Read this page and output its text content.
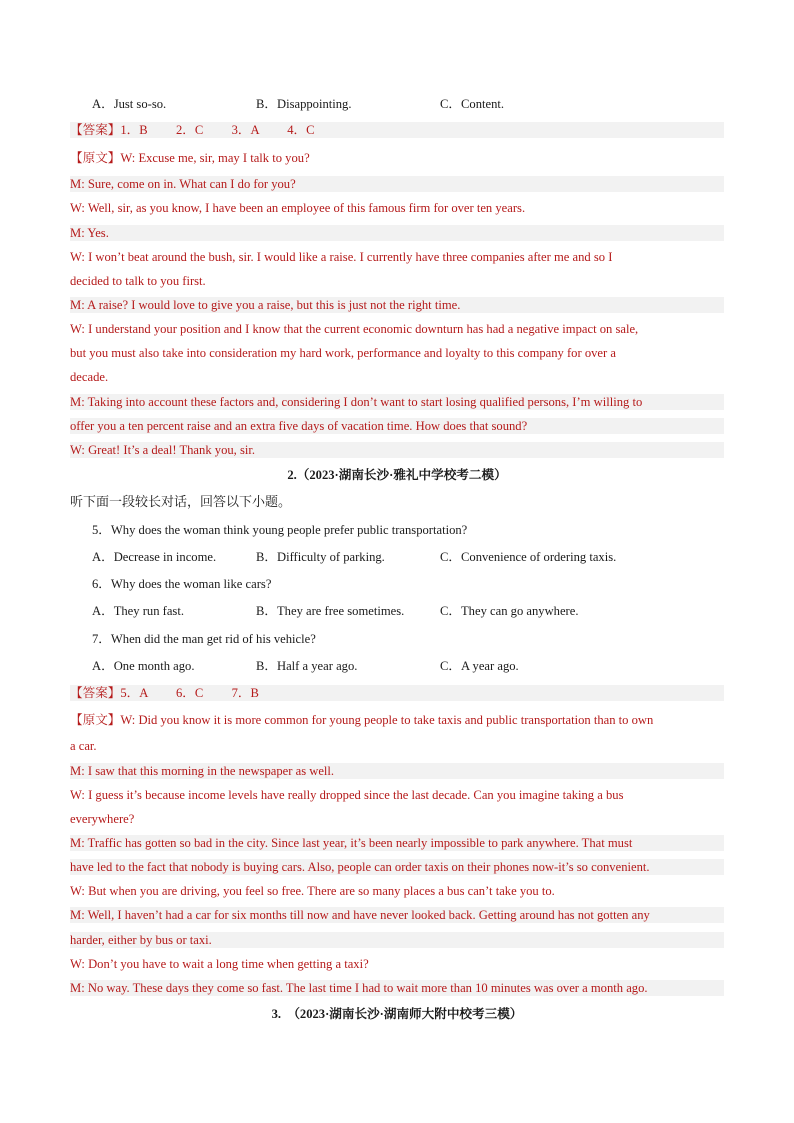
A．Just so-so.	B．Disappointing.	C．Content.
【答案】1．B 　　2．C 　　3．A 　　4．C
【原文】W: Excuse me, sir, may I talk to you?
M: Sure, come on in. What can I do for you?
W: Well, sir, as you know, I have been an employee of this famous firm for over ten years.
M: Yes.
W: I won’t beat around the bush, sir. I would like a raise. I currently have three companies after me and so I
decided to talk to you first.
M: A raise? I would love to give you a raise, but this is just not the right time.
W: I understand your position and I know that the current economic downturn has had a negative impact on sale,
but you must also take into consideration my hard work, performance and loyalty to this company for over a
decade.
M: Taking into account these factors and, considering I don’t want to start losing qualified persons, I’m willing to
offer you a ten percent raise and an extra five days of vacation time. How does that sound?
W: Great! It’s a deal! Thank you, sir.
2.（2023·湖南长沙·雅礼中学校考二模）
听下面一段较长对话，回答以下小题。
5．Why does the woman think young people prefer public transportation?
A．Decrease in income.	B．Difficulty of parking.	C．Convenience of ordering taxis.
6．Why does the woman like cars?
A．They run fast.	B．They are free sometimes.	C．They can go anywhere.
7．When did the man get rid of his vehicle?
A．One month ago.	B．Half a year ago.	C．A year ago.
【答案】5．A 　　6．C 　　7．B
【原文】W: Did you know it is more common for young people to take taxis and public transportation than to own
a car.
M: I saw that this morning in the newspaper as well.
W: I guess it’s because income levels have really dropped since the last decade. Can you imagine taking a bus
everywhere?
M: Traffic has gotten so bad in the city. Since last year, it’s been nearly impossible to park anywhere. That must
have led to the fact that nobody is buying cars. Also, people can order taxis on their phones now-it’s so convenient.
W: But when you are driving, you feel so free. There are so many places a bus can’t take you to.
M: Well, I haven’t had a car for six months till now and have never looked back. Getting around has not gotten any
harder, either by bus or taxi.
W: Don’t you have to wait a long time when getting a taxi?
M: No way. These days they come so fast. The last time I had to wait more than 10 minutes was over a month ago.
3.　（2023·湖南长沙·湖南师大附中校考三模）
